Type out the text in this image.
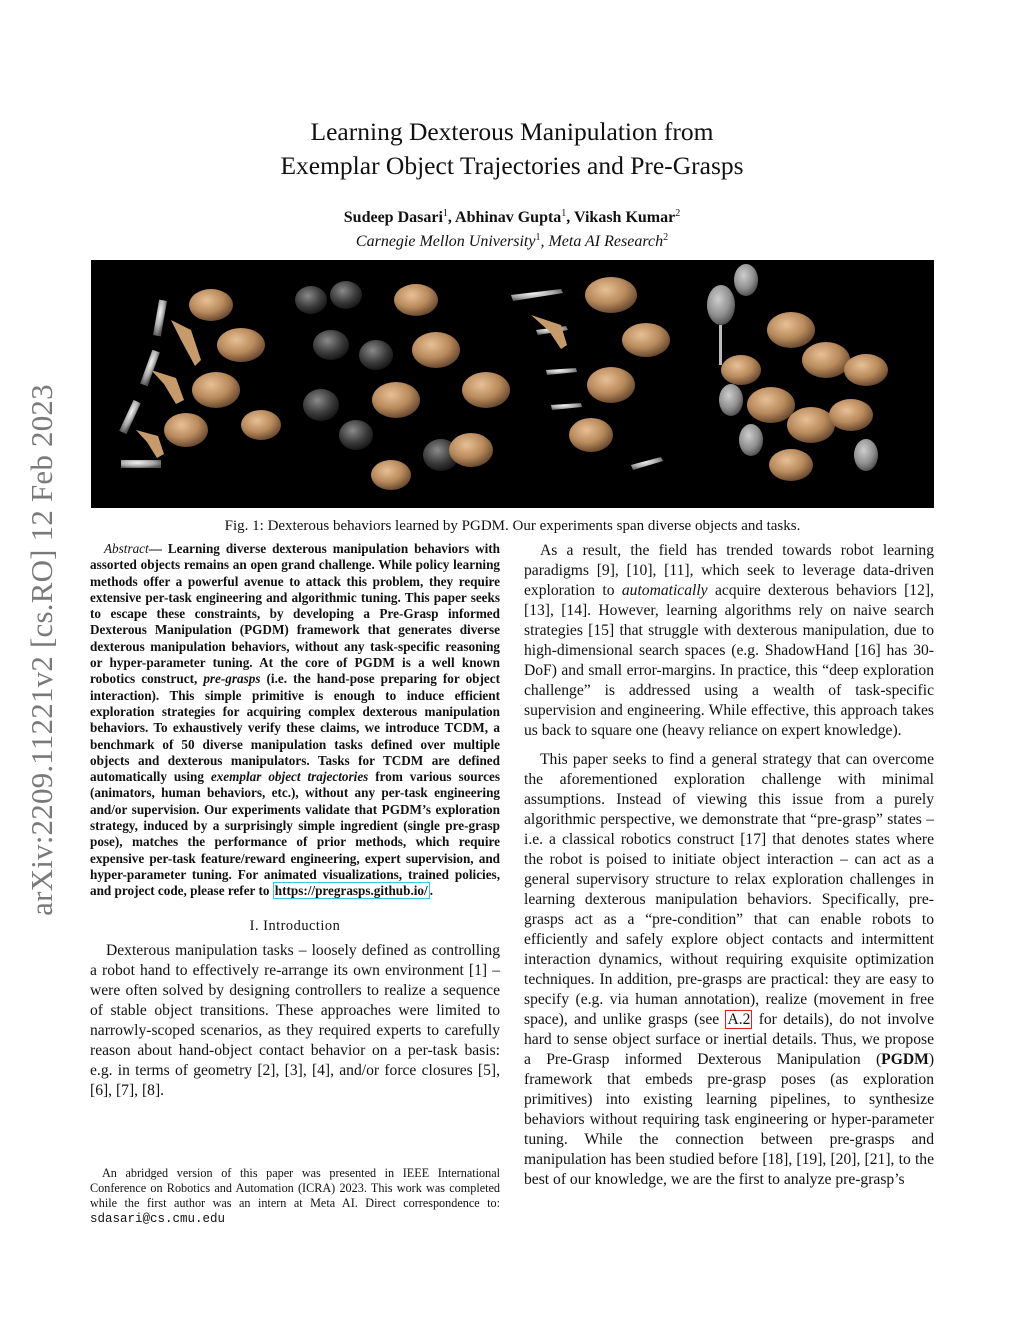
arXiv:2209.11221v2 [cs.RO] 12 Feb 2023
Learning Dexterous Manipulation from
Exemplar Object Trajectories and Pre-Grasps
Sudeep Dasari$^1$, Abhinav Gupta$^1$, Vikash Kumar$^2$
Carnegie Mellon University$^1$, Meta AI Research$^2$
Fig. 1: Dexterous behaviors learned by PGDM. Our experiments span diverse objects and tasks.

Abstract— Learning diverse dexterous manipulation behaviors with assorted objects remains an open grand challenge. While policy learning methods offer a powerful avenue to attack this problem, they require extensive per-task engineering and algorithmic tuning. This paper seeks to escape these constraints, by developing a Pre-Grasp informed Dexterous Manipulation (PGDM) framework that generates diverse dexterous manipulation behaviors, without any task-specific reasoning or hyper-parameter tuning. At the core of PGDM is a well known robotics construct, pre-grasps (i.e. the hand-pose preparing for object interaction). This simple primitive is enough to induce efficient exploration strategies for acquiring complex dexterous manipulation behaviors. To exhaustively verify these claims, we introduce TCDM, a benchmark of 50 diverse manipulation tasks defined over multiple objects and dexterous manipulators. Tasks for TCDM are defined automatically using exemplar object trajectories from various sources (animators, human behaviors, etc.), without any per-task engineering and/or supervision. Our experiments validate that PGDM’s exploration strategy, induced by a surprisingly simple ingredient (single pre-grasp pose), matches the performance of prior methods, which require expensive per-task feature/reward engineering, expert supervision, and hyper-parameter tuning. For animated visualizations, trained policies, and project code, please refer to https://pregrasps.github.io/ .

I. Introduction

Dexterous manipulation tasks – loosely defined as controlling a robot hand to effectively re-arrange its own environment [1] – were often solved by designing controllers to realize a sequence of stable object transitions. These approaches were limited to narrowly-scoped scenarios, as they required experts to carefully reason about hand-object contact behavior on a per-task basis: e.g. in terms of geometry [2], [3], [4], and/or force closures [5], [6], [7], [8].

An abridged version of this paper was presented in IEEE International Conference on Robotics and Automation (ICRA) 2023. This work was completed while the first author was an intern at Meta AI. Direct correspondence to: sdasari@cs.cmu.edu

As a result, the field has trended towards robot learning paradigms [9], [10], [11], which seek to leverage data-driven exploration to automatically acquire dexterous behaviors [12], [13], [14]. However, learning algorithms rely on naive search strategies [15] that struggle with dexterous manipulation, due to high-dimensional search spaces (e.g. ShadowHand [16] has 30-DoF) and small error-margins. In practice, this “deep exploration challenge” is addressed using a wealth of task-specific supervision and engineering. While effective, this approach takes us back to square one (heavy reliance on expert knowledge).

This paper seeks to find a general strategy that can overcome the aforementioned exploration challenge with minimal assumptions. Instead of viewing this issue from a purely algorithmic perspective, we demonstrate that “pre-grasp” states – i.e. a classical robotics construct [17] that denotes states where the robot is poised to initiate object interaction – can act as a general supervisory structure to relax exploration challenges in learning dexterous manipulation behaviors. Specifically, pre-grasps act as a “pre-condition” that can enable robots to efficiently and safely explore object contacts and intermittent interaction dynamics, without requiring exquisite optimization techniques. In addition, pre-grasps are practical: they are easy to specify (e.g. via human annotation), realize (movement in free space), and unlike grasps (see A.2 for details), do not involve hard to sense object surface or inertial details. Thus, we propose a Pre-Grasp informed Dexterous Manipulation (PGDM) framework that embeds pre-grasp poses (as exploration primitives) into existing learning pipelines, to synthesize behaviors without requiring task engineering or hyper-parameter tuning. While the connection between pre-grasps and manipulation has been studied before [18], [19], [20], [21], to the best of our knowledge, we are the first to analyze pre-grasp’s
